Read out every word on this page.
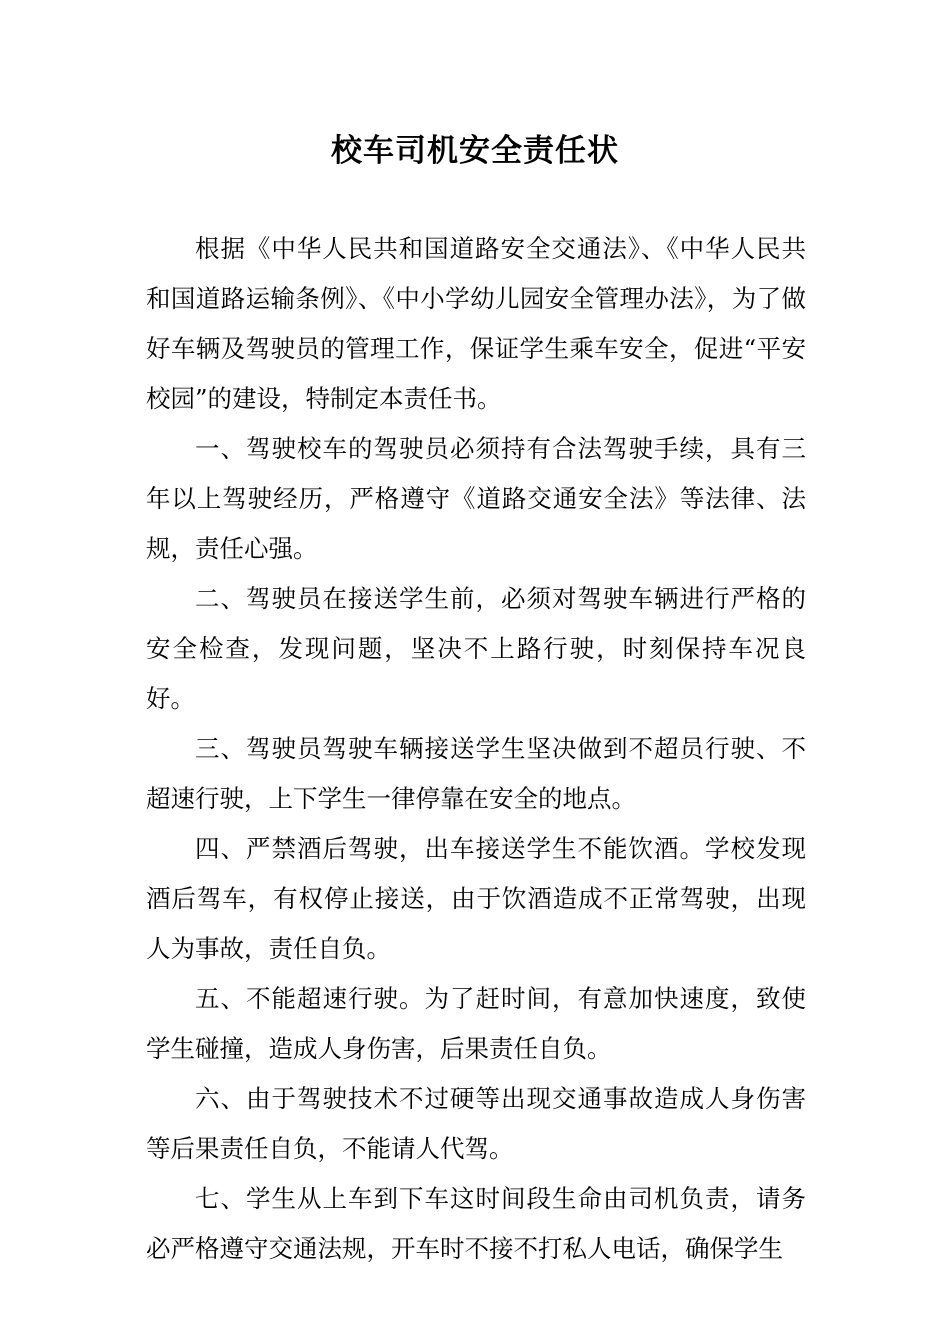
校车司机安全责任状

根据《中华人民共和国道路安全交通法》、《中华人民共和国道路运输条例》、《中小学幼儿园安全管理办法》，为了做好车辆及驾驶员的管理工作，保证学生乘车安全，促进“平安校园”的建设，特制定本责任书。

一、驾驶校车的驾驶员必须持有合法驾驶手续，具有三年以上驾驶经历，严格遵守《道路交通安全法》等法律、法规，责任心强。

二、驾驶员在接送学生前，必须对驾驶车辆进行严格的安全检查，发现问题，坚决不上路行驶，时刻保持车况良好。

三、驾驶员驾驶车辆接送学生坚决做到不超员行驶、不超速行驶，上下学生一律停靠在安全的地点。

四、严禁酒后驾驶，出车接送学生不能饮酒。学校发现酒后驾车，有权停止接送，由于饮酒造成不正常驾驶，出现人为事故，责任自负。

五、不能超速行驶。为了赶时间，有意加快速度，致使学生碰撞，造成人身伤害，后果责任自负。

六、由于驾驶技术不过硬等出现交通事故造成人身伤害等后果责任自负，不能请人代驾。

七、学生从上车到下车这时间段生命由司机负责，请务必严格遵守交通法规，开车时不接不打私人电话，确保学生
